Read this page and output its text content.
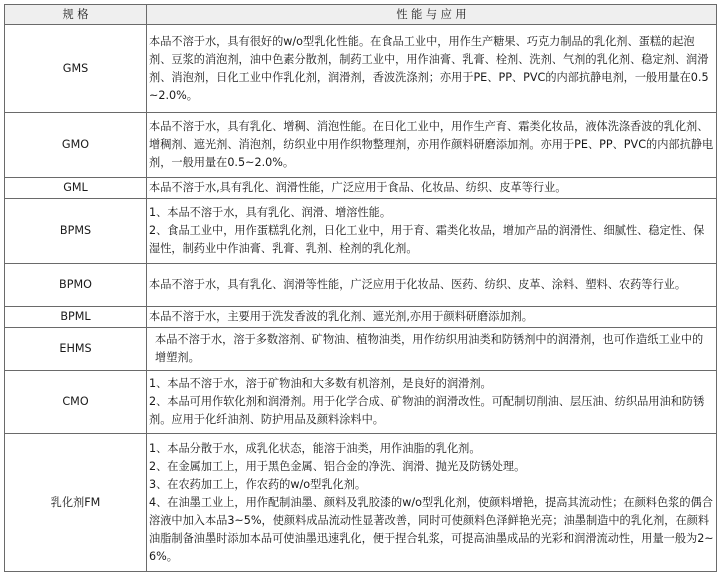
规 格	性 能 与 应 用
GMS	本品不溶于水，具有很好的w/o型乳化性能。在食品工业中，用作生产糖果、巧克力制品的乳化剂、蛋糕的起泡剂、豆浆的消泡剂，油中色素分散剂，制药工业中，用作油膏、乳膏、栓剂、洗剂、气剂的乳化剂、稳定剂、润滑剂、消泡剂，日化工业中作乳化剂，润滑剂，香波洗涤剂；亦用于PE、PP、PVC的内部抗静电剂，一般用量在0.5~2.0%。

GMO	本品不溶于水，具有乳化、增稠、消泡性能。在日化工业中，用作生产育、霜类化妆品，液体洗涤香波的乳化剂、增稠剂、遮光剂、消泡剂，纺织业中用作织物整理剂，亦用作颜料研磨添加剂。亦用于PE、PP、PVC的内部抗静电剂，一般用量在0.5~2.0%。

GML	本品不溶于水,具有乳化、润滑性能，广泛应用于食品、化妆品、纺织、皮革等行业。

BPMS	1、本品不溶于水，具有乳化、润滑、增溶性能。
2、食品工业中，用作蛋糕乳化剂，日化工业中，用于育、霜类化妆品，增加产品的润滑性、细腻性、稳定性、保湿性，制药业中作油膏、乳膏、乳剂、栓剂的乳化剂。

BPMO	本品不溶于水，具有乳化、润滑等性能，广泛应用于化妆品、医药、纺织、皮革、涂料、塑料、农药等行业。

BPML	本品不溶于水，主要用于洗发香波的乳化剂、遮光剂,亦用于颜料研磨添加剂。

EHMS	本品不溶于水，溶于多数溶剂、矿物油、植物油类，用作纺织用油类和防锈剂中的润滑剂，也可作造纸工业中的增塑剂。

CMO	1、本品不溶于水，溶于矿物油和大多数有机溶剂，是良好的润滑剂。
2、本品可用作软化剂和润滑剂。用于化学合成、矿物油的润滑改性。可配制切削油、层压油、纺织品用油和防锈剂。应用于化纤油剂、防护用品及颜料涂料中。

乳化剂FM	1、本品分散于水，成乳化状态，能溶于油类，用作油脂的乳化剂。
2、在金属加工上，用于黑色金属、铝合金的净洗、润滑、抛光及防锈处理。
3、在农药加工上，作农药的w/o型乳化剂。
4、在油墨工业上，用作配制油墨、颜料及乳胶漆的w/o型乳化剂，使颜料增艳，提高其流动性；在颜料色浆的偶合溶液中加入本品3~5%，使颜料成品流动性显著改善，同时可使颜料色泽鲜艳光亮；油墨制造中的乳化剂，在颜料油脂制备油墨时添加本品可使油墨迅速乳化，便于捏合轧浆，可提高油墨成品的光彩和润滑流动性，用量一般为2~6%。
